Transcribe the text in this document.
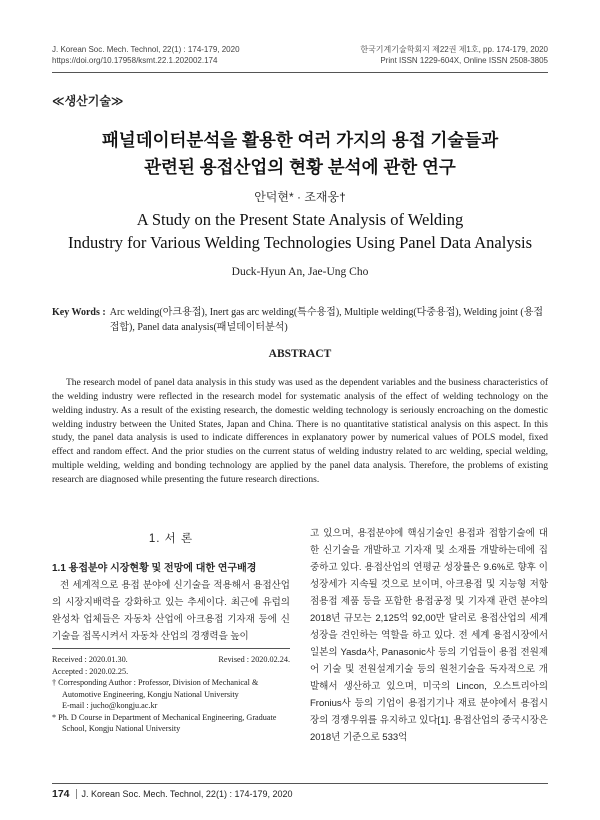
J. Korean Soc. Mech. Technol, 22(1) : 174-179, 2020	한국기계기술학회지 제22권 제1호, pp. 174-179, 2020
https://doi.org/10.17958/ksmt.22.1.202002.174	Print ISSN 1229-604X, Online ISSN 2508-3805
≪생산기술≫
패널데이터분석을 활용한 여러 가지의 용접 기술들과
관련된 용접산업의 현황 분석에 관한 연구
안덕현* · 조재웅†
A Study on the Present State Analysis of Welding
Industry for Various Welding Technologies Using Panel Data Analysis
Duck-Hyun An, Jae-Ung Cho
Key Words : Arc welding(아크용접), Inert gas arc welding(특수용접), Multiple welding(다중용접), Welding joint (용접 접합), Panel data analysis(패널데이터분석)
ABSTRACT

The research model of panel data analysis in this study was used as the dependent variables and the business characteristics of the welding industry were reflected in the research model for systematic analysis of the effect of welding technology on the welding industry. As a result of the existing research, the domestic welding technology is seriously encroaching on the domestic welding industry between the United States, Japan and China. There is no quantitative statistical analysis on this aspect. In this study, the panel data analysis is used to indicate differences in explanatory power by numerical values of POLS model, fixed effect and random effect. And the prior studies on the current status of welding industry related to arc welding, special welding, multiple welding, welding and bonding technology are applied by the panel data analysis. Therefore, the problems of existing research are diagnosed while presenting the future research directions.

1. 서 론
1.1 용접분야 시장현황 및 전망에 대한 연구배경

전 세계적으로 용접 분야에 신기술을 적용해서 용접산업의 시장지배력을 강화하고 있는 추세이다. 최근에 유럽의 완성차 업체들은 자동차 산업에 아크용접 기자재 등에 신기술을 접목시켜서 자동차 산업의 경쟁력을 높이

고 있으며, 용접분야에 핵심기술인 용접과 접합기술에 대한 신기술을 개발하고 기자재 및 소재를 개발하는데에 집중하고 있다. 용접산업의 연평균 성장률은 9.6%로 향후 이 성장세가 지속될 것으로 보이며, 아크용접 및 지능형 저항 점용접 제품 등을 포함한 용접공정 및 기자재 관련 분야의 2018년 규모는 2,125억 92,00만 달러로 용접산업의 세계 성장을 견인하는 역할을 하고 있다. 전 세계 용접시장에서 일본의 Yasda사, Panasonic사 등의 기업들이 용접 전원제어 기술 및 전원설계기술 등의 원천기술을 독자적으로 개발해서 생산하고 있으며, 미국의 Lincon, 오스트리아의 Fronius사 등의 기업이 용접기기나 재료 분야에서 용접시장의 경쟁우위를 유지하고 있다[1]. 용접산업의 중국시장은 2018년 기준으로 533억

Received : 2020.01.30.	Revised : 2020.02.24.
Accepted : 2020.02.25.
† Corresponding Author : Professor, Division of Mechanical & Automotive Engineering, Kongju National University
E-mail : jucho@kongju.ac.kr
* Ph. D Course in Department of Mechanical Engineering, Graduate School, Kongju National University
174 J. Korean Soc. Mech. Technol, 22(1) : 174-179, 2020
